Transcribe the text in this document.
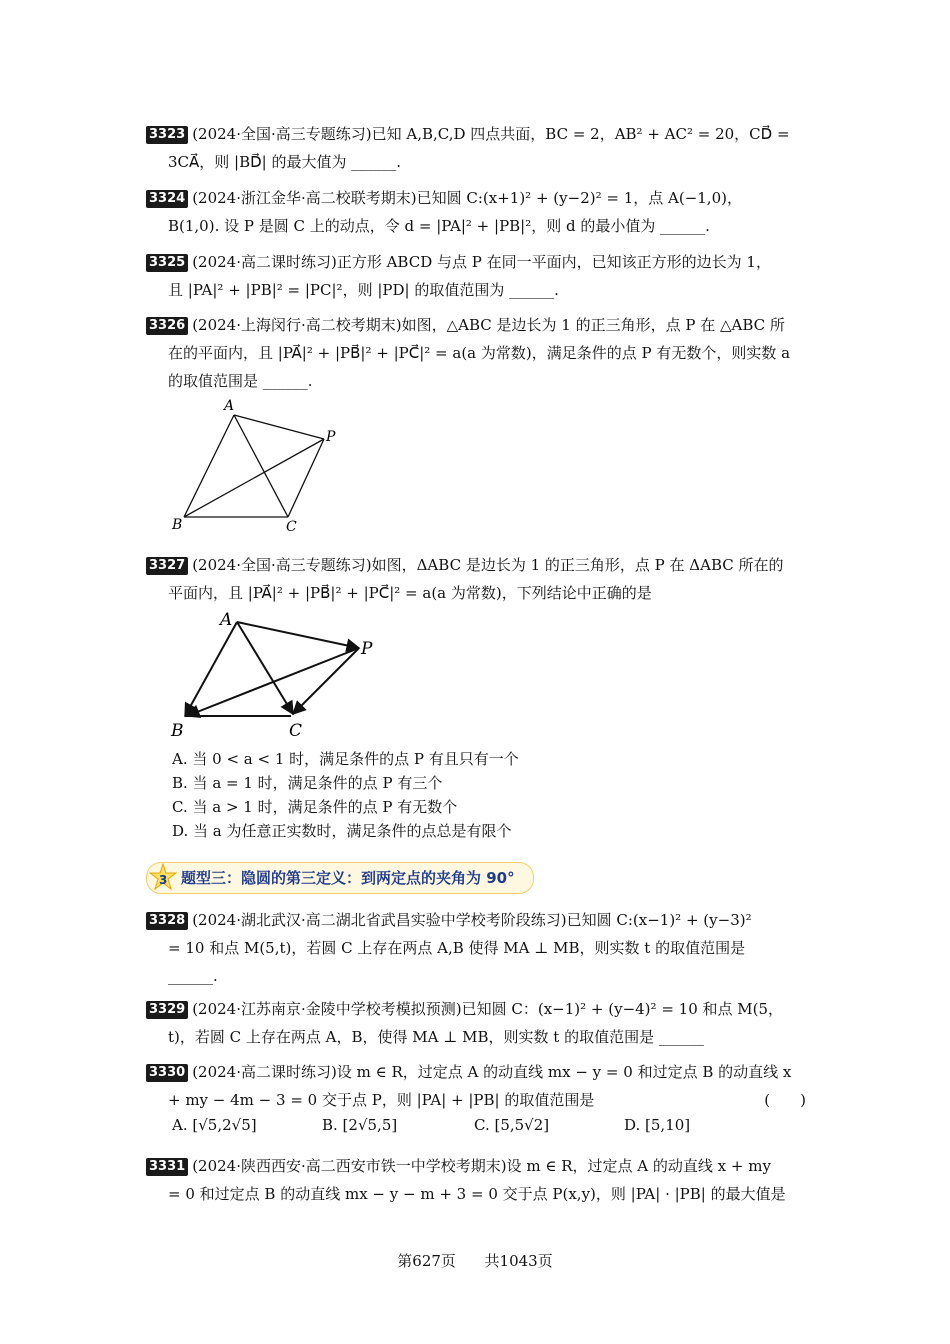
3323 (2024·全国·高三专题练习)已知 A,B,C,D 四点共面，BC = 2，AB² + AC² = 20，CD⃗ =
3CA⃗，则 |BD⃗| 的最大值为 ______.
3324 (2024·浙江金华·高二校联考期末)已知圆 C:(x+1)² + (y−2)² = 1，点 A(−1,0)，
B(1,0). 设 P 是圆 C 上的动点，令 d = |PA|² + |PB|²，则 d 的最小值为 ______.
3325 (2024·高二课时练习)正方形 ABCD 与点 P 在同一平面内，已知该正方形的边长为 1，
且 |PA|² + |PB|² = |PC|²，则 |PD| 的取值范围为 ______.
3326 (2024·上海闵行·高二校考期末)如图，△ABC 是边长为 1 的正三角形，点 P 在 △ABC 所
在的平面内，且 |PA⃗|² + |PB⃗|² + |PC⃗|² = a(a 为常数)，满足条件的点 P 有无数个，则实数 a
的取值范围是 ______.
A
P
B	C
3327 (2024·全国·高三专题练习)如图，ΔABC 是边长为 1 的正三角形，点 P 在 ΔABC 所在的
平面内，且 |PA⃗|² + |PB⃗|² + |PC⃗|² = a(a 为常数)，下列结论中正确的是
A
P
B	C
A. 当 0 < a < 1 时，满足条件的点 P 有且只有一个
B. 当 a = 1 时，满足条件的点 P 有三个
C. 当 a > 1 时，满足条件的点 P 有无数个
D. 当 a 为任意正实数时，满足条件的点总是有限个
3 题型三：隐圆的第三定义：到两定点的夹角为 90°
3328 (2024·湖北武汉·高二湖北省武昌实验中学校考阶段练习)已知圆 C:(x−1)² + (y−3)²
= 10 和点 M(5,t)，若圆 C 上存在两点 A,B 使得 MA ⊥ MB，则实数 t 的取值范围是
______.
3329 (2024·江苏南京·金陵中学校考模拟预测)已知圆 C：(x−1)² + (y−4)² = 10 和点 M(5，
t)，若圆 C 上存在两点 A，B，使得 MA ⊥ MB，则实数 t 的取值范围是 ______
3330 (2024·高二课时练习)设 m ∈ R，过定点 A 的动直线 mx − y = 0 和过定点 B 的动直线 x
+ my − 4m − 3 = 0 交于点 P，则 |PA| + |PB| 的取值范围是	(　　)
A. [√5,2√5]	B. [2√5,5]	C. [5,5√2]	D. [5,10]
3331 (2024·陕西西安·高二西安市铁一中学校考期末)设 m ∈ R，过定点 A 的动直线 x + my
= 0 和过定点 B 的动直线 mx − y − m + 3 = 0 交于点 P(x,y)，则 |PA| · |PB| 的最大值是
第627页 共1043页
